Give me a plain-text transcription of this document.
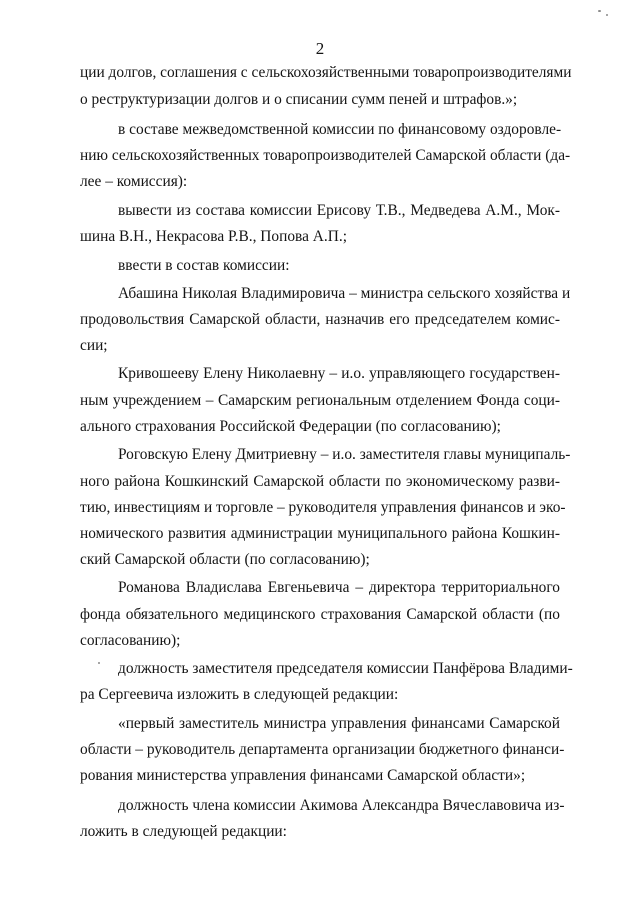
2
ции долгов, соглашения с сельскохозяйственными товаропроизводителями
о реструктуризации долгов и о списании сумм пеней и штрафов.»;
в составе межведомственной комиссии по финансовому оздоровле-
нию сельскохозяйственных товаропроизводителей Самарской области (да-
лее – комиссия):
вывести из состава комиссии Ерисову Т.В., Медведева А.М., Мок-
шина В.Н., Некрасова Р.В., Попова А.П.;
ввести в состав комиссии:
Абашина Николая Владимировича – министра сельского хозяйства и
продовольствия Самарской области, назначив его председателем комис-
сии;
Кривошееву Елену Николаевну – и.о. управляющего государствен-
ным учреждением – Самарским региональным отделением Фонда соци-
ального страхования Российской Федерации (по согласованию);
Роговскую Елену Дмитриевну – и.о. заместителя главы муниципаль-
ного района Кошкинский Самарской области по экономическому разви-
тию, инвестициям и торговле – руководителя управления финансов и эко-
номического развития администрации муниципального района Кошкин-
ский Самарской области (по согласованию);
Романова Владислава Евгеньевича – директора территориального
фонда обязательного медицинского страхования Самарской области (по
согласованию);
должность заместителя председателя комиссии Панфёрова Владими-
ра Сергеевича изложить в следующей редакции:
«первый заместитель министра управления финансами Самарской
области – руководитель департамента организации бюджетного финанси-
рования министерства управления финансами Самарской области»;
должность члена комиссии Акимова Александра Вячеславовича из-
ложить в следующей редакции:
